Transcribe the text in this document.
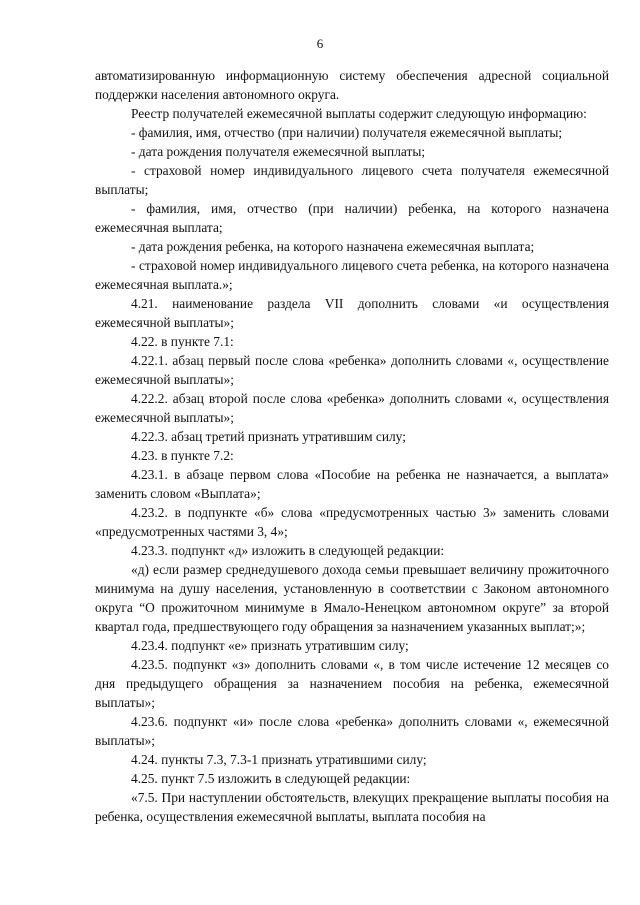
6

автоматизированную информационную систему обеспечения адресной социальной поддержки населения автономного округа.

Реестр получателей ежемесячной выплаты содержит следующую информацию:

- фамилия, имя, отчество (при наличии) получателя ежемесячной выплаты;

- дата рождения получателя ежемесячной выплаты;

- страховой номер индивидуального лицевого счета получателя ежемесячной выплаты;

- фамилия, имя, отчество (при наличии) ребенка, на которого назначена ежемесячная выплата;

- дата рождения ребенка, на которого назначена ежемесячная выплата;

- страховой номер индивидуального лицевого счета ребенка, на которого назначена ежемесячная выплата.»;

4.21. наименование раздела VII дополнить словами «и осуществления ежемесячной выплаты»;

4.22. в пункте 7.1:

4.22.1. абзац первый после слова «ребенка» дополнить словами «, осуществление ежемесячной выплаты»;

4.22.2. абзац второй после слова «ребенка» дополнить словами «, осуществления ежемесячной выплаты»;

4.22.3. абзац третий признать утратившим силу;

4.23. в пункте 7.2:

4.23.1. в абзаце первом слова «Пособие на ребенка не назначается, а выплата» заменить словом «Выплата»;

4.23.2. в подпункте «б» слова «предусмотренных частью 3» заменить словами «предусмотренных частями 3, 4»;

4.23.3. подпункт «д» изложить в следующей редакции:

«д) если размер среднедушевого дохода семьи превышает величину прожиточного минимума на душу населения, установленную в соответствии с Законом автономного округа “О прожиточном минимуме в Ямало-Ненецком автономном округе” за второй квартал года, предшествующего году обращения за назначением указанных выплат;»;

4.23.4. подпункт «е» признать утратившим силу;

4.23.5. подпункт «з» дополнить словами «, в том числе истечение 12 месяцев со дня предыдущего обращения за назначением пособия на ребенка, ежемесячной выплаты»;

4.23.6. подпункт «и» после слова «ребенка» дополнить словами «, ежемесячной выплаты»;

4.24. пункты 7.3, 7.3-1 признать утратившими силу;

4.25. пункт 7.5 изложить в следующей редакции:

«7.5. При наступлении обстоятельств, влекущих прекращение выплаты пособия на ребенка, осуществления ежемесячной выплаты, выплата пособия на
